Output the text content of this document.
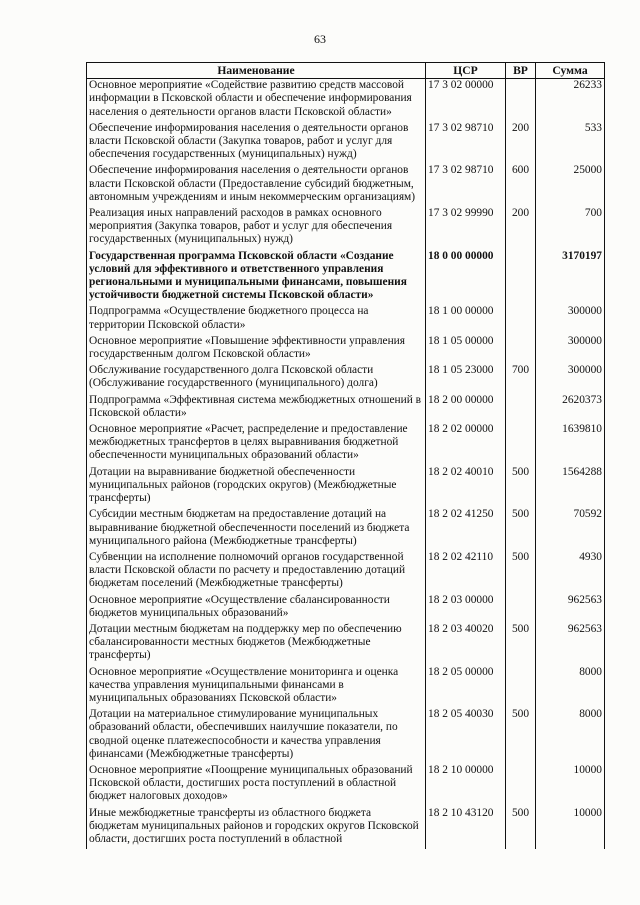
63
Наименование	ЦСР	ВР	Сумма
Основное мероприятие «Содействие развитию средств массовой информации в Псковской области и обеспечение информирования населения о деятельности органов власти Псковской области»	17 3 02 00000		26233
Обеспечение информирования населения о деятельности органов власти Псковской области (Закупка товаров, работ и услуг для обеспечения государственных (муниципальных) нужд)	17 3 02 98710	200	533
Обеспечение информирования населения о деятельности органов власти Псковской области (Предоставление субсидий бюджетным, автономным учреждениям и иным некоммерческим организациям)	17 3 02 98710	600	25000
Реализация иных направлений расходов в рамках основного мероприятия (Закупка товаров, работ и услуг для обеспечения государственных (муниципальных) нужд)	17 3 02 99990	200	700
Государственная программа Псковской области «Создание условий для эффективного и ответственного управления региональными и муниципальными финансами, повышения устойчивости бюджетной системы Псковской области»	18 0 00 00000		3170197
Подпрограмма «Осуществление бюджетного процесса на территории Псковской области»	18 1 00 00000		300000
Основное мероприятие «Повышение эффективности управления государственным долгом Псковской области»	18 1 05 00000		300000
Обслуживание государственного долга Псковской области (Обслуживание государственного (муниципального) долга)	18 1 05 23000	700	300000
Подпрограмма «Эффективная система межбюджетных отношений в Псковской области»	18 2 00 00000		2620373
Основное мероприятие «Расчет, распределение и предоставление межбюджетных трансфертов в целях выравнивания бюджетной обеспеченности муниципальных образований области»	18 2 02 00000		1639810
Дотации на выравнивание бюджетной обеспеченности муниципальных районов (городских округов) (Межбюджетные трансферты)	18 2 02 40010	500	1564288
Субсидии местным бюджетам на предоставление дотаций на выравнивание бюджетной обеспеченности поселений из бюджета муниципального района (Межбюджетные трансферты)	18 2 02 41250	500	70592
Субвенции на исполнение полномочий органов государственной власти Псковской области по расчету и предоставлению дотаций бюджетам поселений (Межбюджетные трансферты)	18 2 02 42110	500	4930
Основное мероприятие «Осуществление сбалансированности бюджетов муниципальных образований»	18 2 03 00000		962563
Дотации местным бюджетам на поддержку мер по обеспечению сбалансированности местных бюджетов (Межбюджетные трансферты)	18 2 03 40020	500	962563
Основное мероприятие «Осуществление мониторинга и оценка качества управления муниципальными финансами в муниципальных образованиях Псковской области»	18 2 05 00000		8000
Дотации на материальное стимулирование муниципальных образований области, обеспечивших наилучшие показатели, по сводной оценке платежеспособности и качества управления финансами (Межбюджетные трансферты)	18 2 05 40030	500	8000
Основное мероприятие «Поощрение муниципальных образований Псковской области, достигших роста поступлений в областной бюджет налоговых доходов»	18 2 10 00000		10000
Иные межбюджетные трансферты из областного бюджета бюджетам муниципальных районов и городских округов Псковской области, достигших роста поступлений в областной	18 2 10 43120	500	10000
